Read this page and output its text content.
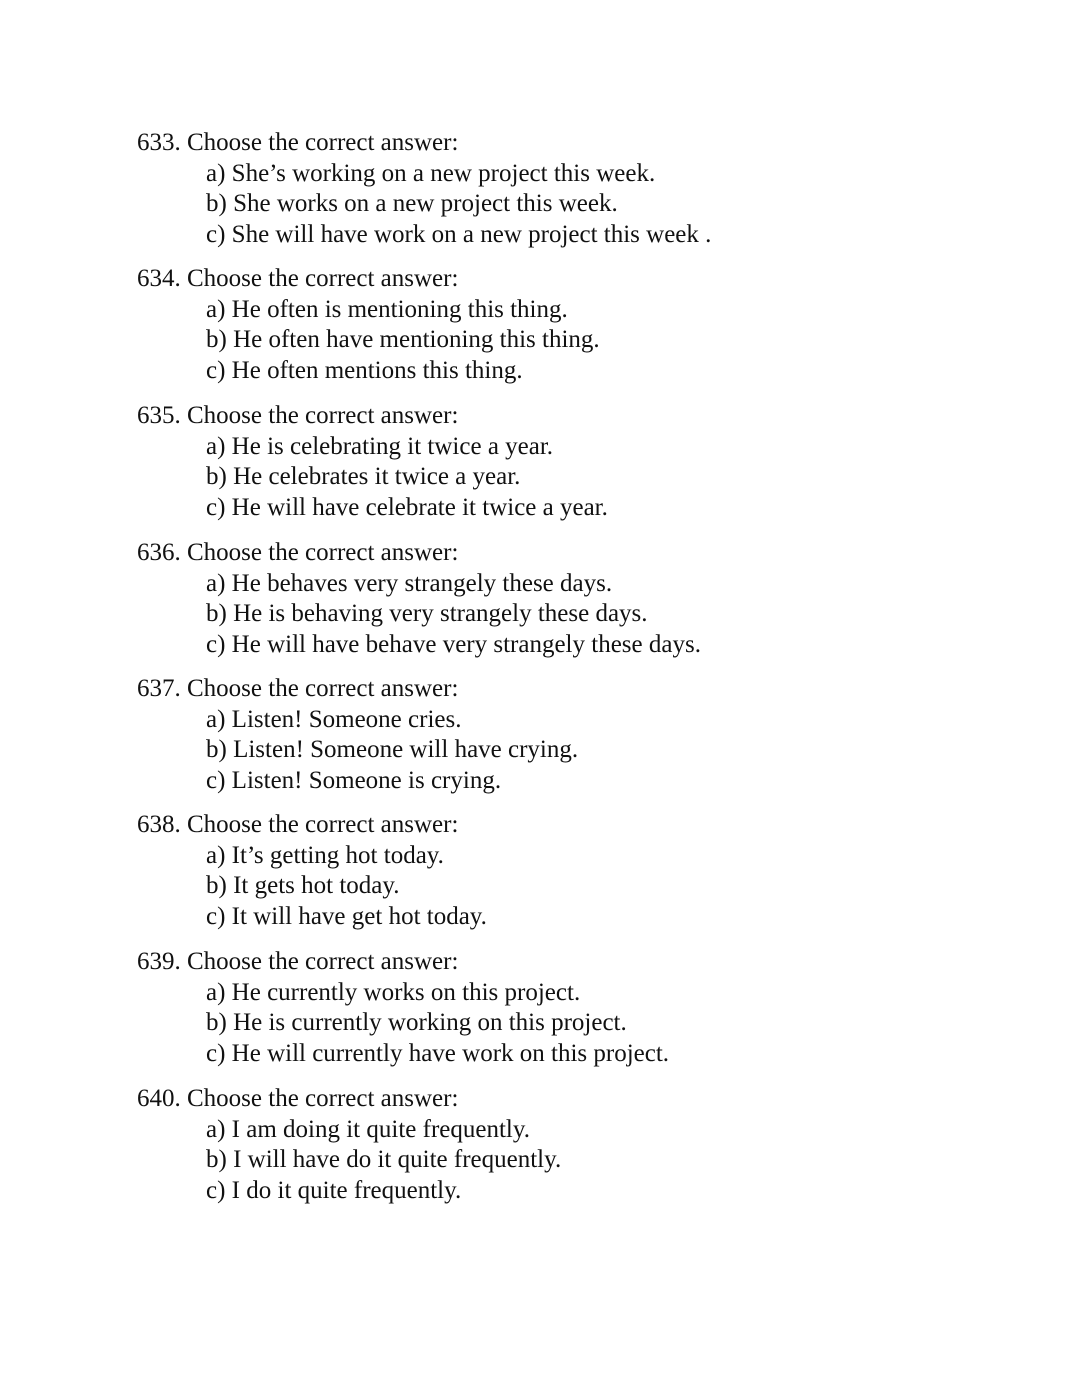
633. Choose the correct answer:
a) She’s working on a new project this week.
b) She works on a new project this week.
c) She will have work on a new project this week .
634. Choose the correct answer:
a) He often is mentioning this thing.
b) He often have mentioning this thing.
c) He often mentions this thing.
635. Choose the correct answer:
a) He is celebrating it twice a year.
b) He celebrates it twice a year.
c) He will have celebrate it twice a year.
636. Choose the correct answer:
a) He behaves very strangely these days.
b) He is behaving very strangely these days.
c) He will have behave very strangely these days.
637. Choose the correct answer:
a) Listen! Someone cries.
b) Listen! Someone will have crying.
c) Listen! Someone is crying.
638. Choose the correct answer:
a) It’s getting hot today.
b) It gets hot today.
c) It will have get hot today.
639. Choose the correct answer:
a) He currently works on this project.
b) He is currently working on this project.
c) He will currently have work on this project.
640. Choose the correct answer:
a) I am doing it quite frequently.
b) I will have do it quite frequently.
c) I do it quite frequently.
